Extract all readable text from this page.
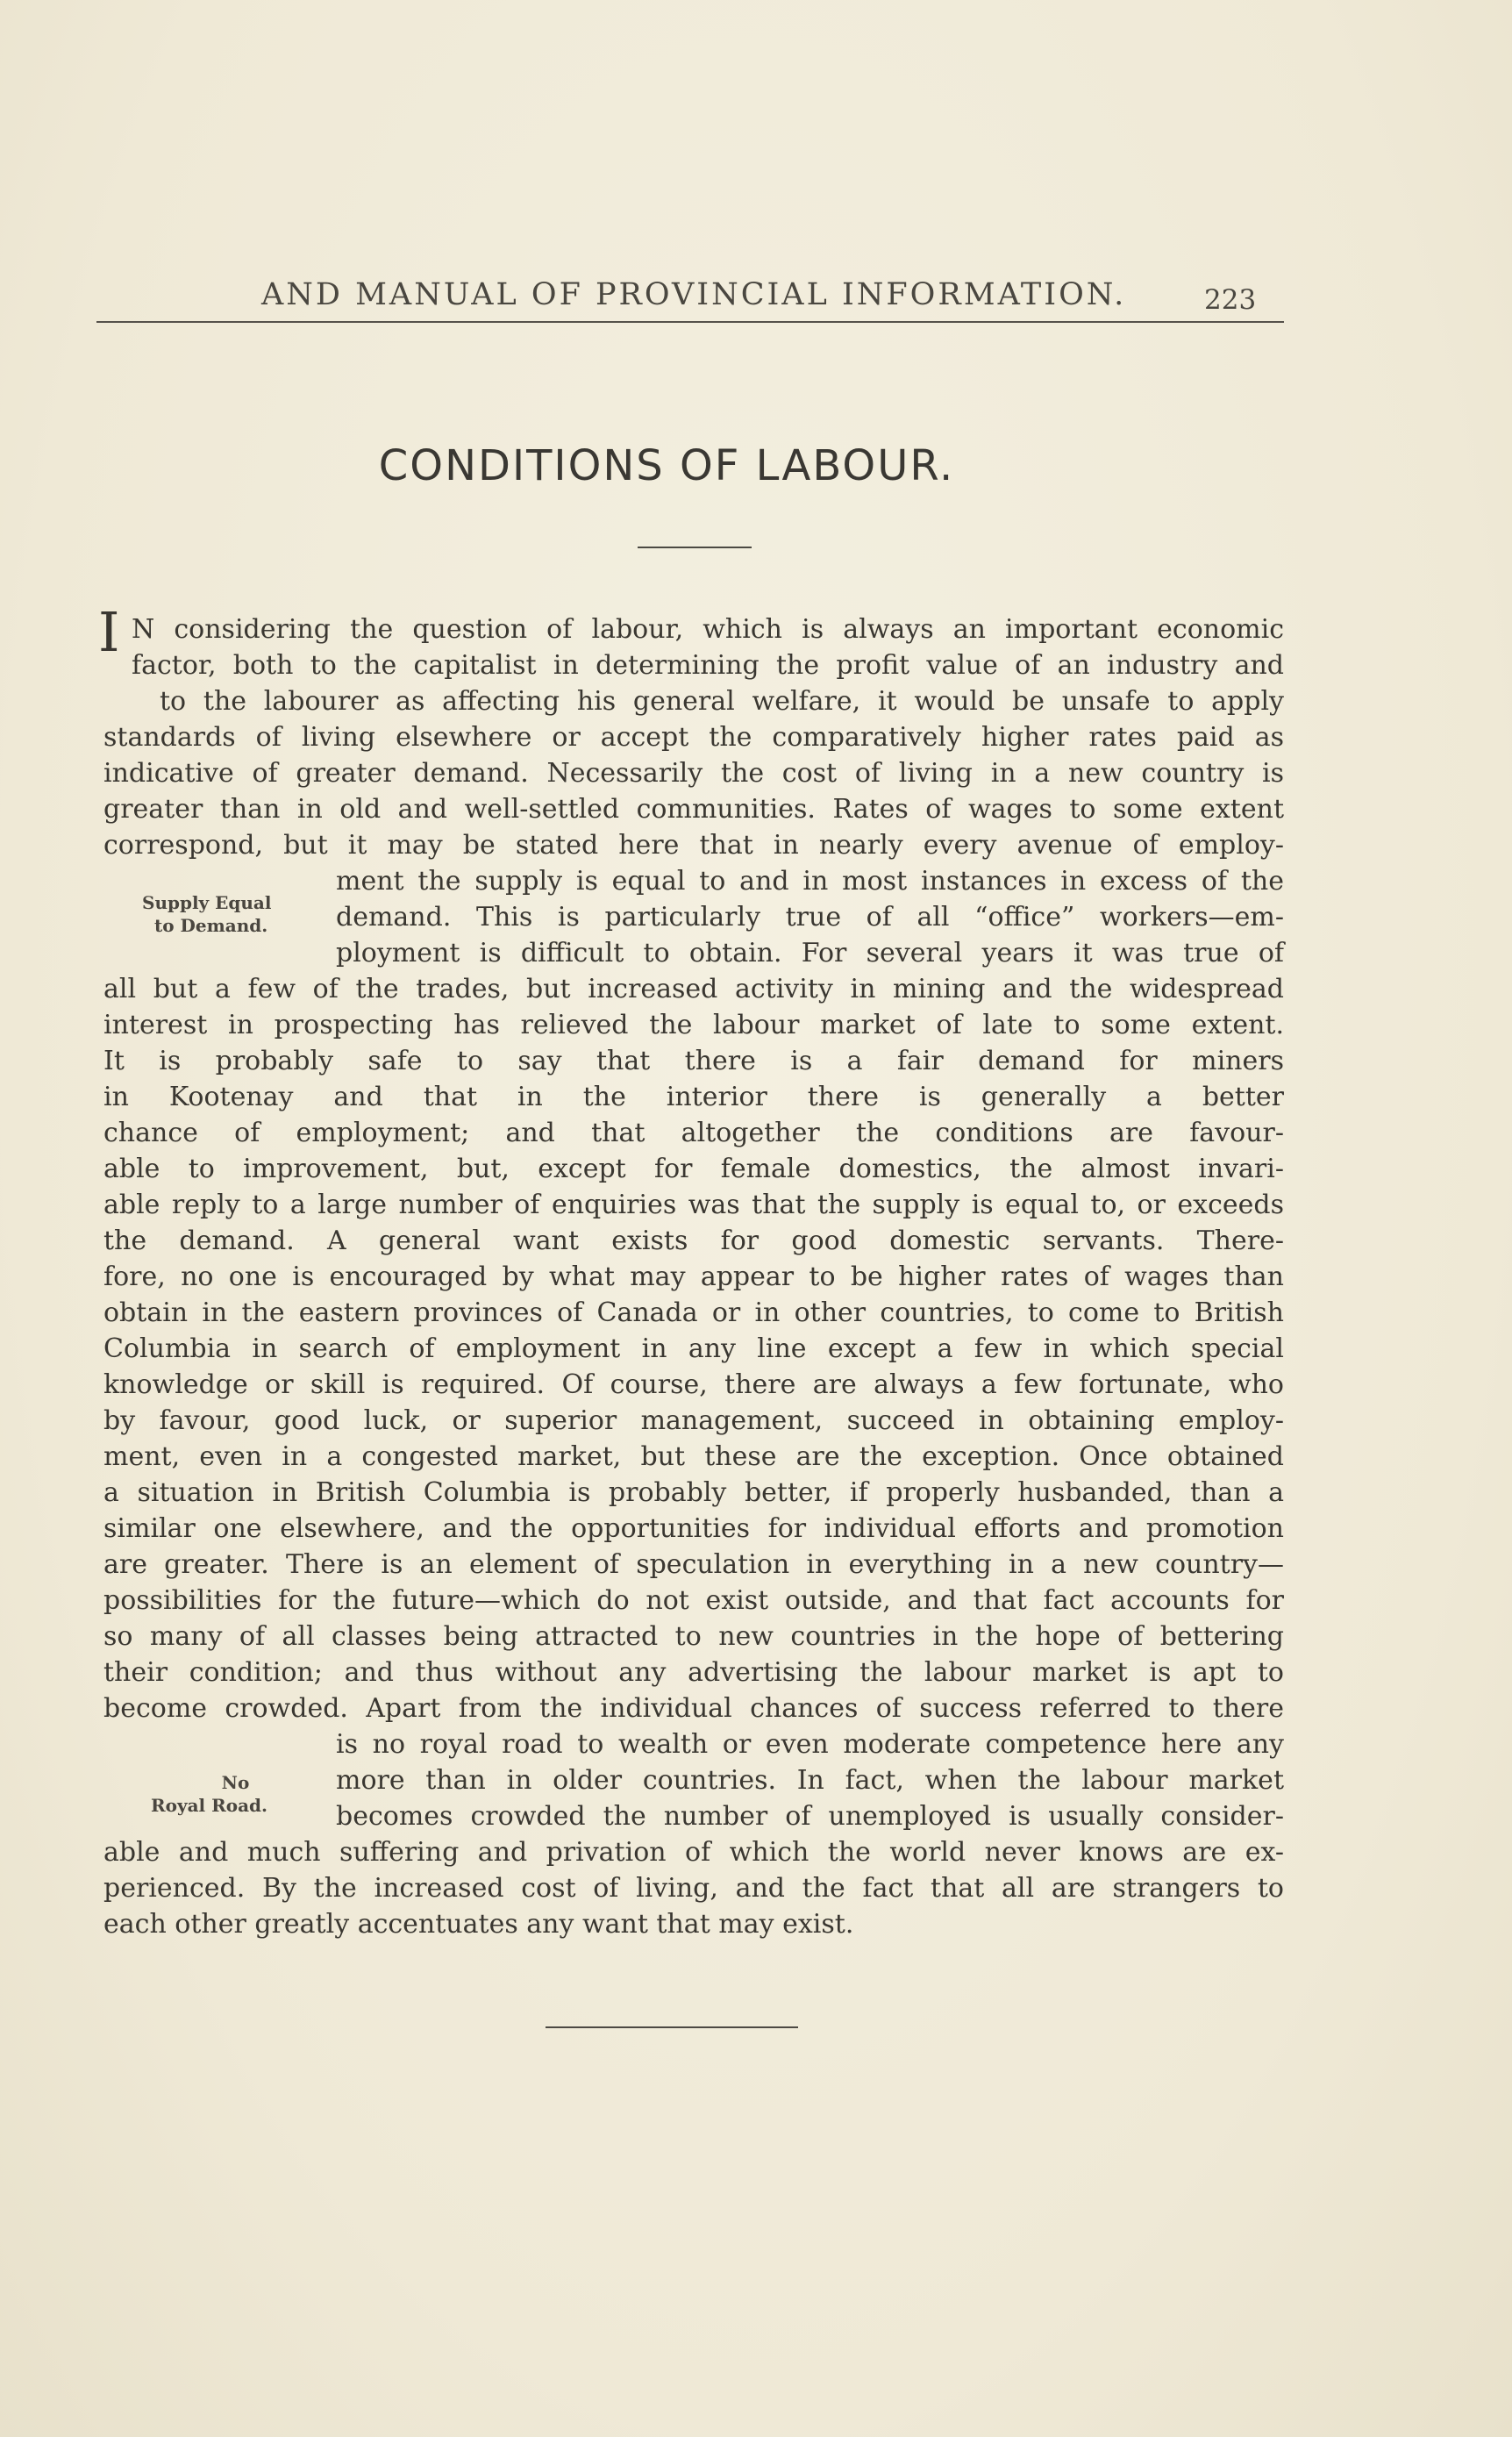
AND MANUAL OF PROVINCIAL INFORMATION.	223
CONDITIONS OF LABOUR.
I
Supply Equal
to Demand.
No
Royal Road.
N considering the question of labour, which is always an important economic
factor, both to the capitalist in determining the profit value of an industry and
to the labourer as affecting his general welfare, it would be unsafe to apply
standards of living elsewhere or accept the comparatively higher rates paid as
indicative of greater demand. Necessarily the cost of living in a new country is
greater than in old and well-settled communities. Rates of wages to some extent
correspond, but it may be stated here that in nearly every avenue of employ-
ment the supply is equal to and in most instances in excess of the
demand. This is particularly true of all “office” workers—em-
ployment is difficult to obtain. For several years it was true of
all but a few of the trades, but increased activity in mining and the widespread
interest in prospecting has relieved the labour market of late to some extent.
It is probably safe to say that there is a fair demand for miners
in Kootenay and that in the interior there is generally a better
chance of employment; and that altogether the conditions are favour-
able to improvement, but, except for female domestics, the almost invari-
able reply to a large number of enquiries was that the supply is equal to, or exceeds
the demand. A general want exists for good domestic servants. There-
fore, no one is encouraged by what may appear to be higher rates of wages than
obtain in the eastern provinces of Canada or in other countries, to come to British
Columbia in search of employment in any line except a few in which special
knowledge or skill is required. Of course, there are always a few fortunate, who
by favour, good luck, or superior management, succeed in obtaining employ-
ment, even in a congested market, but these are the exception. Once obtained
a situation in British Columbia is probably better, if properly husbanded, than a
similar one elsewhere, and the opportunities for individual efforts and promotion
are greater. There is an element of speculation in everything in a new country—
possibilities for the future—which do not exist outside, and that fact accounts for
so many of all classes being attracted to new countries in the hope of bettering
their condition; and thus without any advertising the labour market is apt to
become crowded. Apart from the individual chances of success referred to there
is no royal road to wealth or even moderate competence here any
more than in older countries. In fact, when the labour market
becomes crowded the number of unemployed is usually consider-
able and much suffering and privation of which the world never knows are ex-
perienced. By the increased cost of living, and the fact that all are strangers to
each other greatly accentuates any want that may exist.
